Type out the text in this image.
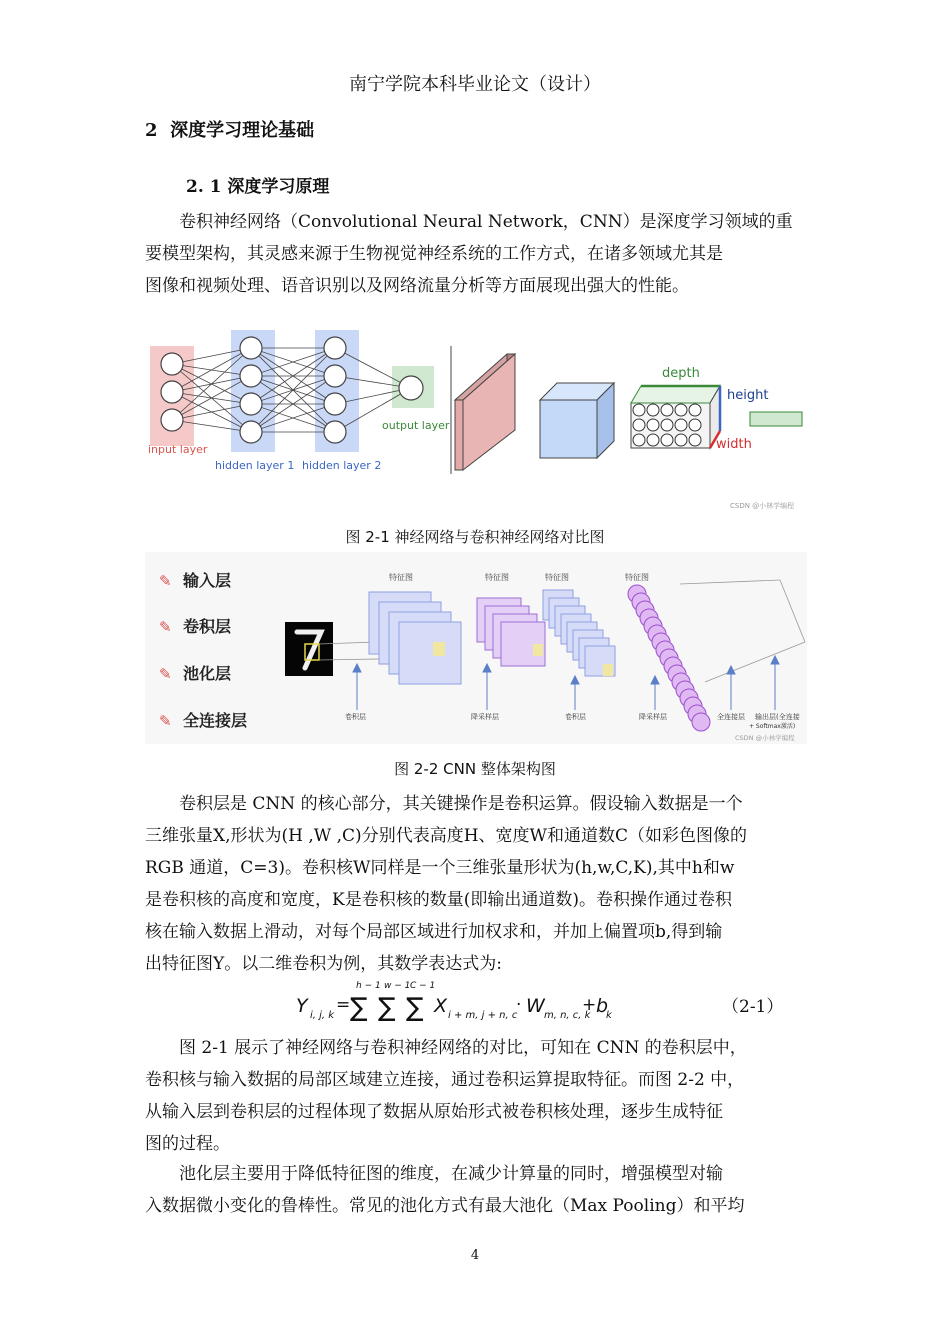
南宁学院本科毕业论文（设计）
2 深度学习理论基础
2. 1 深度学习原理
卷积神经网络（Convolutional Neural Network，CNN）是深度学习领域的重
要模型架构，其灵感来源于生物视觉神经系统的工作方式，在诸多领域尤其是
图像和视频处理、语音识别以及网络流量分析等方面展现出强大的性能。
input layer
hidden layer 1 hidden layer 2
output layer
depth
height
width
CSDN @小林学编程
图 2-1 神经网络与卷积神经网络对比图
✎ 输入层
✎ 卷积层
✎ 池化层
✎ 全连接层
特征图	特征图	特征图	特征图
卷积层	降采样层	卷积层	降采样层	全连接层 输出层(全连接
+ Softmax激活)
CSDN @小林学编程
图 2-2 CNN 整体架构图
卷积层是 CNN 的核心部分，其关键操作是卷积运算。假设输入数据是一个
三维张量X,形状为(H ,W ,C)分别代表高度H、宽度W和通道数C（如彩色图像的
RGB 通道，C=3)。卷积核W同样是一个三维张量形状为(h,w,C,K),其中h和w
是卷积核的高度和宽度，K是卷积核的数量(即输出通道数)。卷积操作通过卷积
核在输入数据上滑动，对每个局部区域进行加权求和，并加上偏置项b,得到输
出特征图Y。以二维卷积为例，其数学表达式为:
Y i, j, k
= ∑
h − 1
∑
w − 1
∑
C − 1
X i + m, j + n, c
· W m, n, c, k
+ b
k	（2-1）
图 2-1 展示了神经网络与卷积神经网络的对比，可知在 CNN 的卷积层中，
卷积核与输入数据的局部区域建立连接，通过卷积运算提取特征。而图 2-2 中，
从输入层到卷积层的过程体现了数据从原始形式被卷积核处理，逐步生成特征
图的过程。
池化层主要用于降低特征图的维度，在减少计算量的同时，增强模型对输
入数据微小变化的鲁棒性。常见的池化方式有最大池化（Max Pooling）和平均
4
